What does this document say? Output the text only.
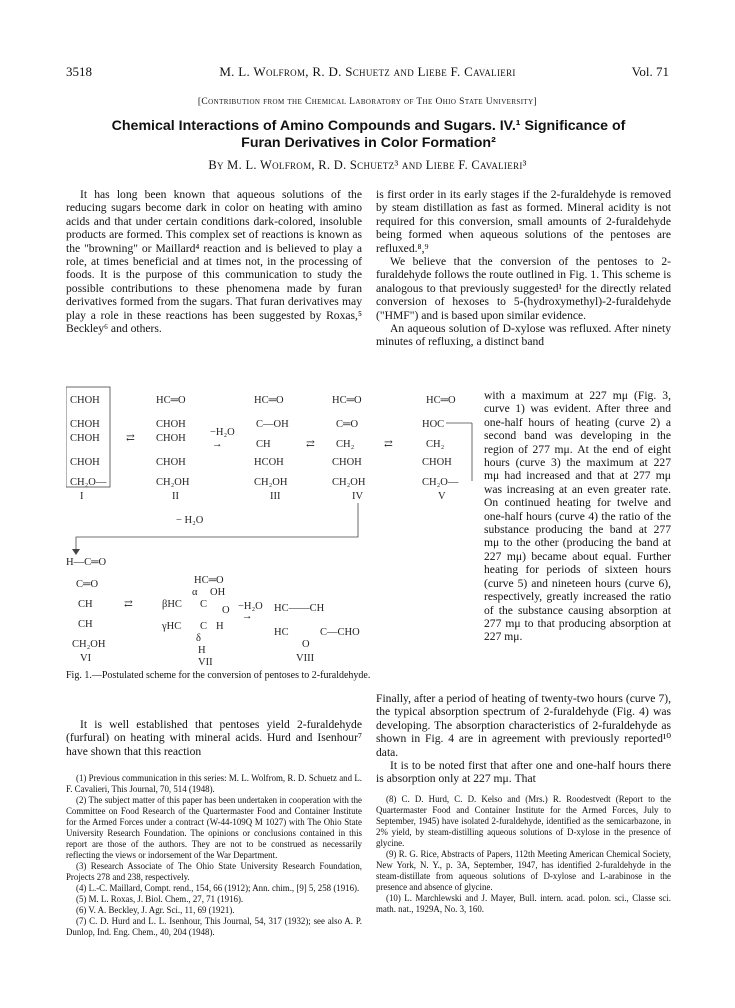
3518	M. L. Wolfrom, R. D. Schuetz and Liebe F. Cavalieri	Vol. 71
[Contribution from the Chemical Laboratory of The Ohio State University]
Chemical Interactions of Amino Compounds and Sugars. IV.¹ Significance of
Furan Derivatives in Color Formation²
By M. L. Wolfrom, R. D. Schuetz³ and Liebe F. Cavalieri³

It has long been known that aqueous solutions of the reducing sugars become dark in color on heating with amino acids and that under certain conditions dark-colored, insoluble products are formed. This complex set of reactions is known as the "browning" or Maillard⁴ reaction and is believed to play a role, at times beneficial and at times not, in the processing of foods. It is the purpose of this communication to study the possible contributions to these phenomena made by furan derivatives formed from the sugars. That furan derivatives may play a role in these reactions has been suggested by Roxas,⁵ Beckley⁶ and others.

is first order in its early stages if the 2-furaldehyde is removed by steam distillation as fast as formed. Mineral acidity is not required for this conversion, small amounts of 2-furaldehyde being formed when aqueous solutions of the pentoses are refluxed.⁸,⁹

We believe that the conversion of the pentoses to 2-furaldehyde follows the route outlined in Fig. 1. This scheme is analogous to that previously suggested¹ for the directly related conversion of hexoses to 5-(hydroxymethyl)-2-furaldehyde ("HMF") and is based upon similar evidence.

An aqueous solution of D-xylose was refluxed. After ninety minutes of refluxing, a distinct band

CHOH
CHOH
CHOH
CHOH
CH₂O—
I
⇄
HC═O
CHOH
CHOH
CHOH
CH₂OH
II
−H₂O
→
HC═O
C—OH
CH
HCOH
CH₂OH
III
⇄
HC═O
C═O
CH₂
CHOH
CH₂OH
IV
⇄
HC═O
HOC
CH₂
CHOH
CH₂O—
V
− H₂O
H—C═O
C═O
CH
CH
CH₂OH
VI
⇄
HC═O
α OH
βHC C
O
γHC C H
δ
H
VII
−H₂O
→
HC——CH
HC	C—CHO
O
VIII
Fig. 1.—Postulated scheme for the conversion of pentoses to 2-furaldehyde.

with a maximum at 227 mμ (Fig. 3, curve 1) was evident. After three and one-half hours of heating (curve 2) a second band was developing in the region of 277 mμ. At the end of eight hours (curve 3) the maximum at 227 mμ had increased and that at 277 mμ was increasing at an even greater rate. On continued heating for twelve and one-half hours (curve 4) the ratio of the substance producing the band at 277 mμ to the other (producing the band at 227 mμ) became about equal. Further heating for periods of sixteen hours (curve 5) and nineteen hours (curve 6), respectively, greatly increased the ratio of the substance causing absorption at 277 mμ to that producing absorption at 227 mμ.

It is well established that pentoses yield 2-furaldehyde (furfural) on heating with mineral acids. Hurd and Isenhour⁷ have shown that this reaction

Finally, after a period of heating of twenty-two hours (curve 7), the typical absorption spectrum of 2-furaldehyde (Fig. 4) was developing. The absorption characteristics of 2-furaldehyde as shown in Fig. 4 are in agreement with previously reported¹⁰ data.

It is to be noted first that after one and one-half hours there is absorption only at 227 mμ. That

(1) Previous communication in this series: M. L. Wolfrom, R. D. Schuetz and L. F. Cavalieri, This Journal, 70, 514 (1948).

(2) The subject matter of this paper has been undertaken in cooperation with the Committee on Food Research of the Quartermaster Food and Container Institute for the Armed Forces under a contract (W-44-109Q M 1027) with The Ohio State University Research Foundation. The opinions or conclusions contained in this report are those of the authors. They are not to be construed as necessarily reflecting the views or indorsement of the War Department.

(3) Research Associate of The Ohio State University Research Foundation, Projects 278 and 238, respectively.

(4) L.-C. Maillard, Compt. rend., 154, 66 (1912); Ann. chim., [9] 5, 258 (1916).

(5) M. L. Roxas, J. Biol. Chem., 27, 71 (1916).

(6) V. A. Beckley, J. Agr. Sci., 11, 69 (1921).

(7) C. D. Hurd and L. L. Isenhour, This Journal, 54, 317 (1932); see also A. P. Dunlop, Ind. Eng. Chem., 40, 204 (1948).

(8) C. D. Hurd, C. D. Kelso and (Mrs.) R. Roodestvedt (Report to the Quartermaster Food and Container Institute for the Armed Forces, July to September, 1945) have isolated 2-furaldehyde, identified as the semicarbazone, in 2% yield, by steam-distilling aqueous solutions of D-xylose in the presence of glycine.

(9) R. G. Rice, Abstracts of Papers, 112th Meeting American Chemical Society, New York, N. Y., p. 3A, September, 1947, has identified 2-furaldehyde in the steam-distillate from aqueous solutions of D-xylose and L-arabinose in the presence and absence of glycine.

(10) L. Marchlewski and J. Mayer, Bull. intern. acad. polon. sci., Classe sci. math. nat., 1929A, No. 3, 160.
